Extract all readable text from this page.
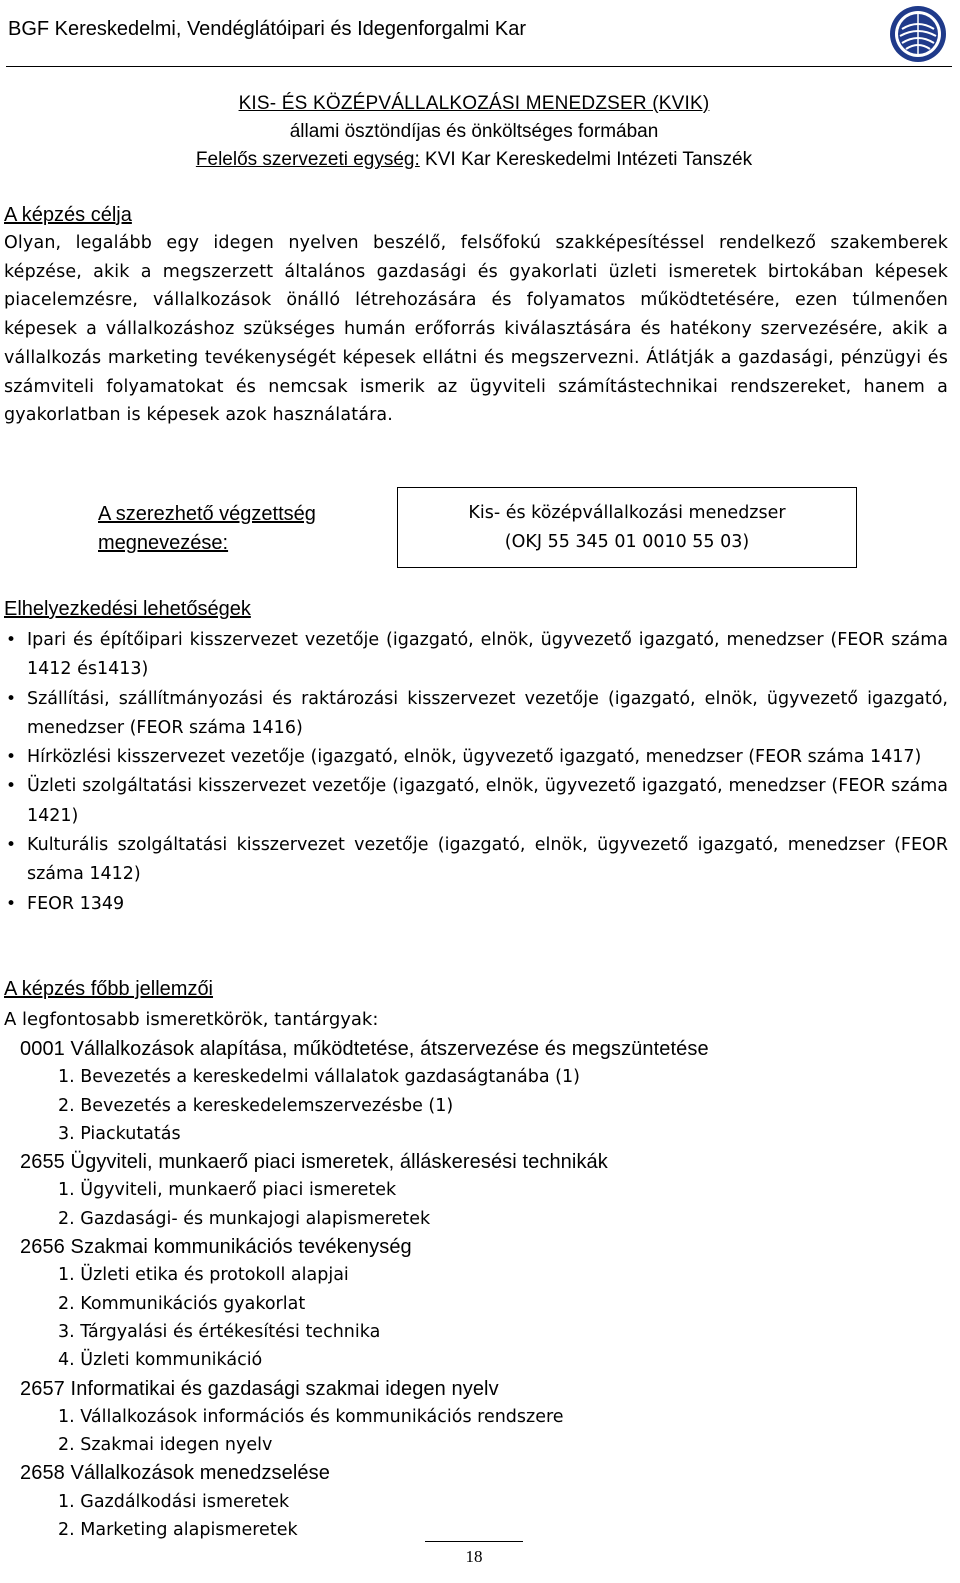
BGF Kereskedelmi, Vendéglátóipari és Idegenforgalmi Kar
KIS- ÉS KÖZÉPVÁLLALKOZÁSI MENEDZSER (KVIK)
állami ösztöndíjas és önköltséges formában
Felelős szervezeti egység: KVI Kar Kereskedelmi Intézeti Tanszék
A képzés célja
Olyan, legalább egy idegen nyelven beszélő, felsőfokú szakképesítéssel rendelkező szakemberek képzése, akik a megszerzett általános gazdasági és gyakorlati üzleti ismeretek birtokában képesek piacelemzésre, vállalkozások önálló létrehozására és folyamatos működtetésére, ezen túlmenően képesek a vállalkozáshoz szükséges humán erőforrás kiválasztására és hatékony szervezésére, akik a vállalkozás marketing tevékenységét képesek ellátni és megszervezni. Átlátják a gazdasági, pénzügyi és számviteli folyamatokat és nemcsak ismerik az ügyviteli számítástechnikai rendszereket, hanem a gyakorlatban is képesek azok használatára.
A szerezhető végzettség
megnevezése:
Kis- és középvállalkozási menedzser
(OKJ 55 345 01 0010 55 03)
Elhelyezkedési lehetőségek
• Ipari és építőipari kisszervezet vezetője (igazgató, elnök, ügyvezető igazgató, menedzser (FEOR száma 1412 és1413)
• Szállítási, szállítmányozási és raktározási kisszervezet vezetője (igazgató, elnök, ügyvezető igazgató, menedzser (FEOR száma 1416)
• Hírközlési kisszervezet vezetője (igazgató, elnök, ügyvezető igazgató, menedzser (FEOR száma 1417)
• Üzleti szolgáltatási kisszervezet vezetője (igazgató, elnök, ügyvezető igazgató, menedzser (FEOR száma 1421)
• Kulturális szolgáltatási kisszervezet vezetője (igazgató, elnök, ügyvezető igazgató, menedzser (FEOR száma 1412)
• FEOR 1349
A képzés főbb jellemzői
A legfontosabb ismeretkörök, tantárgyak:
0001 Vállalkozások alapítása, működtetése, átszervezése és megszüntetése
1. Bevezetés a kereskedelmi vállalatok gazdaságtanába (1)
2. Bevezetés a kereskedelemszervezésbe (1)
3. Piackutatás
2655 Ügyviteli, munkaerő piaci ismeretek, álláskeresési technikák
1. Ügyviteli, munkaerő piaci ismeretek
2. Gazdasági- és munkajogi alapismeretek
2656 Szakmai kommunikációs tevékenység
1. Üzleti etika és protokoll alapjai
2. Kommunikációs gyakorlat
3. Tárgyalási és értékesítési technika
4. Üzleti kommunikáció
2657 Informatikai és gazdasági szakmai idegen nyelv
1. Vállalkozások információs és kommunikációs rendszere
2. Szakmai idegen nyelv
2658 Vállalkozások menedzselése
1. Gazdálkodási ismeretek
2. Marketing alapismeretek
18
